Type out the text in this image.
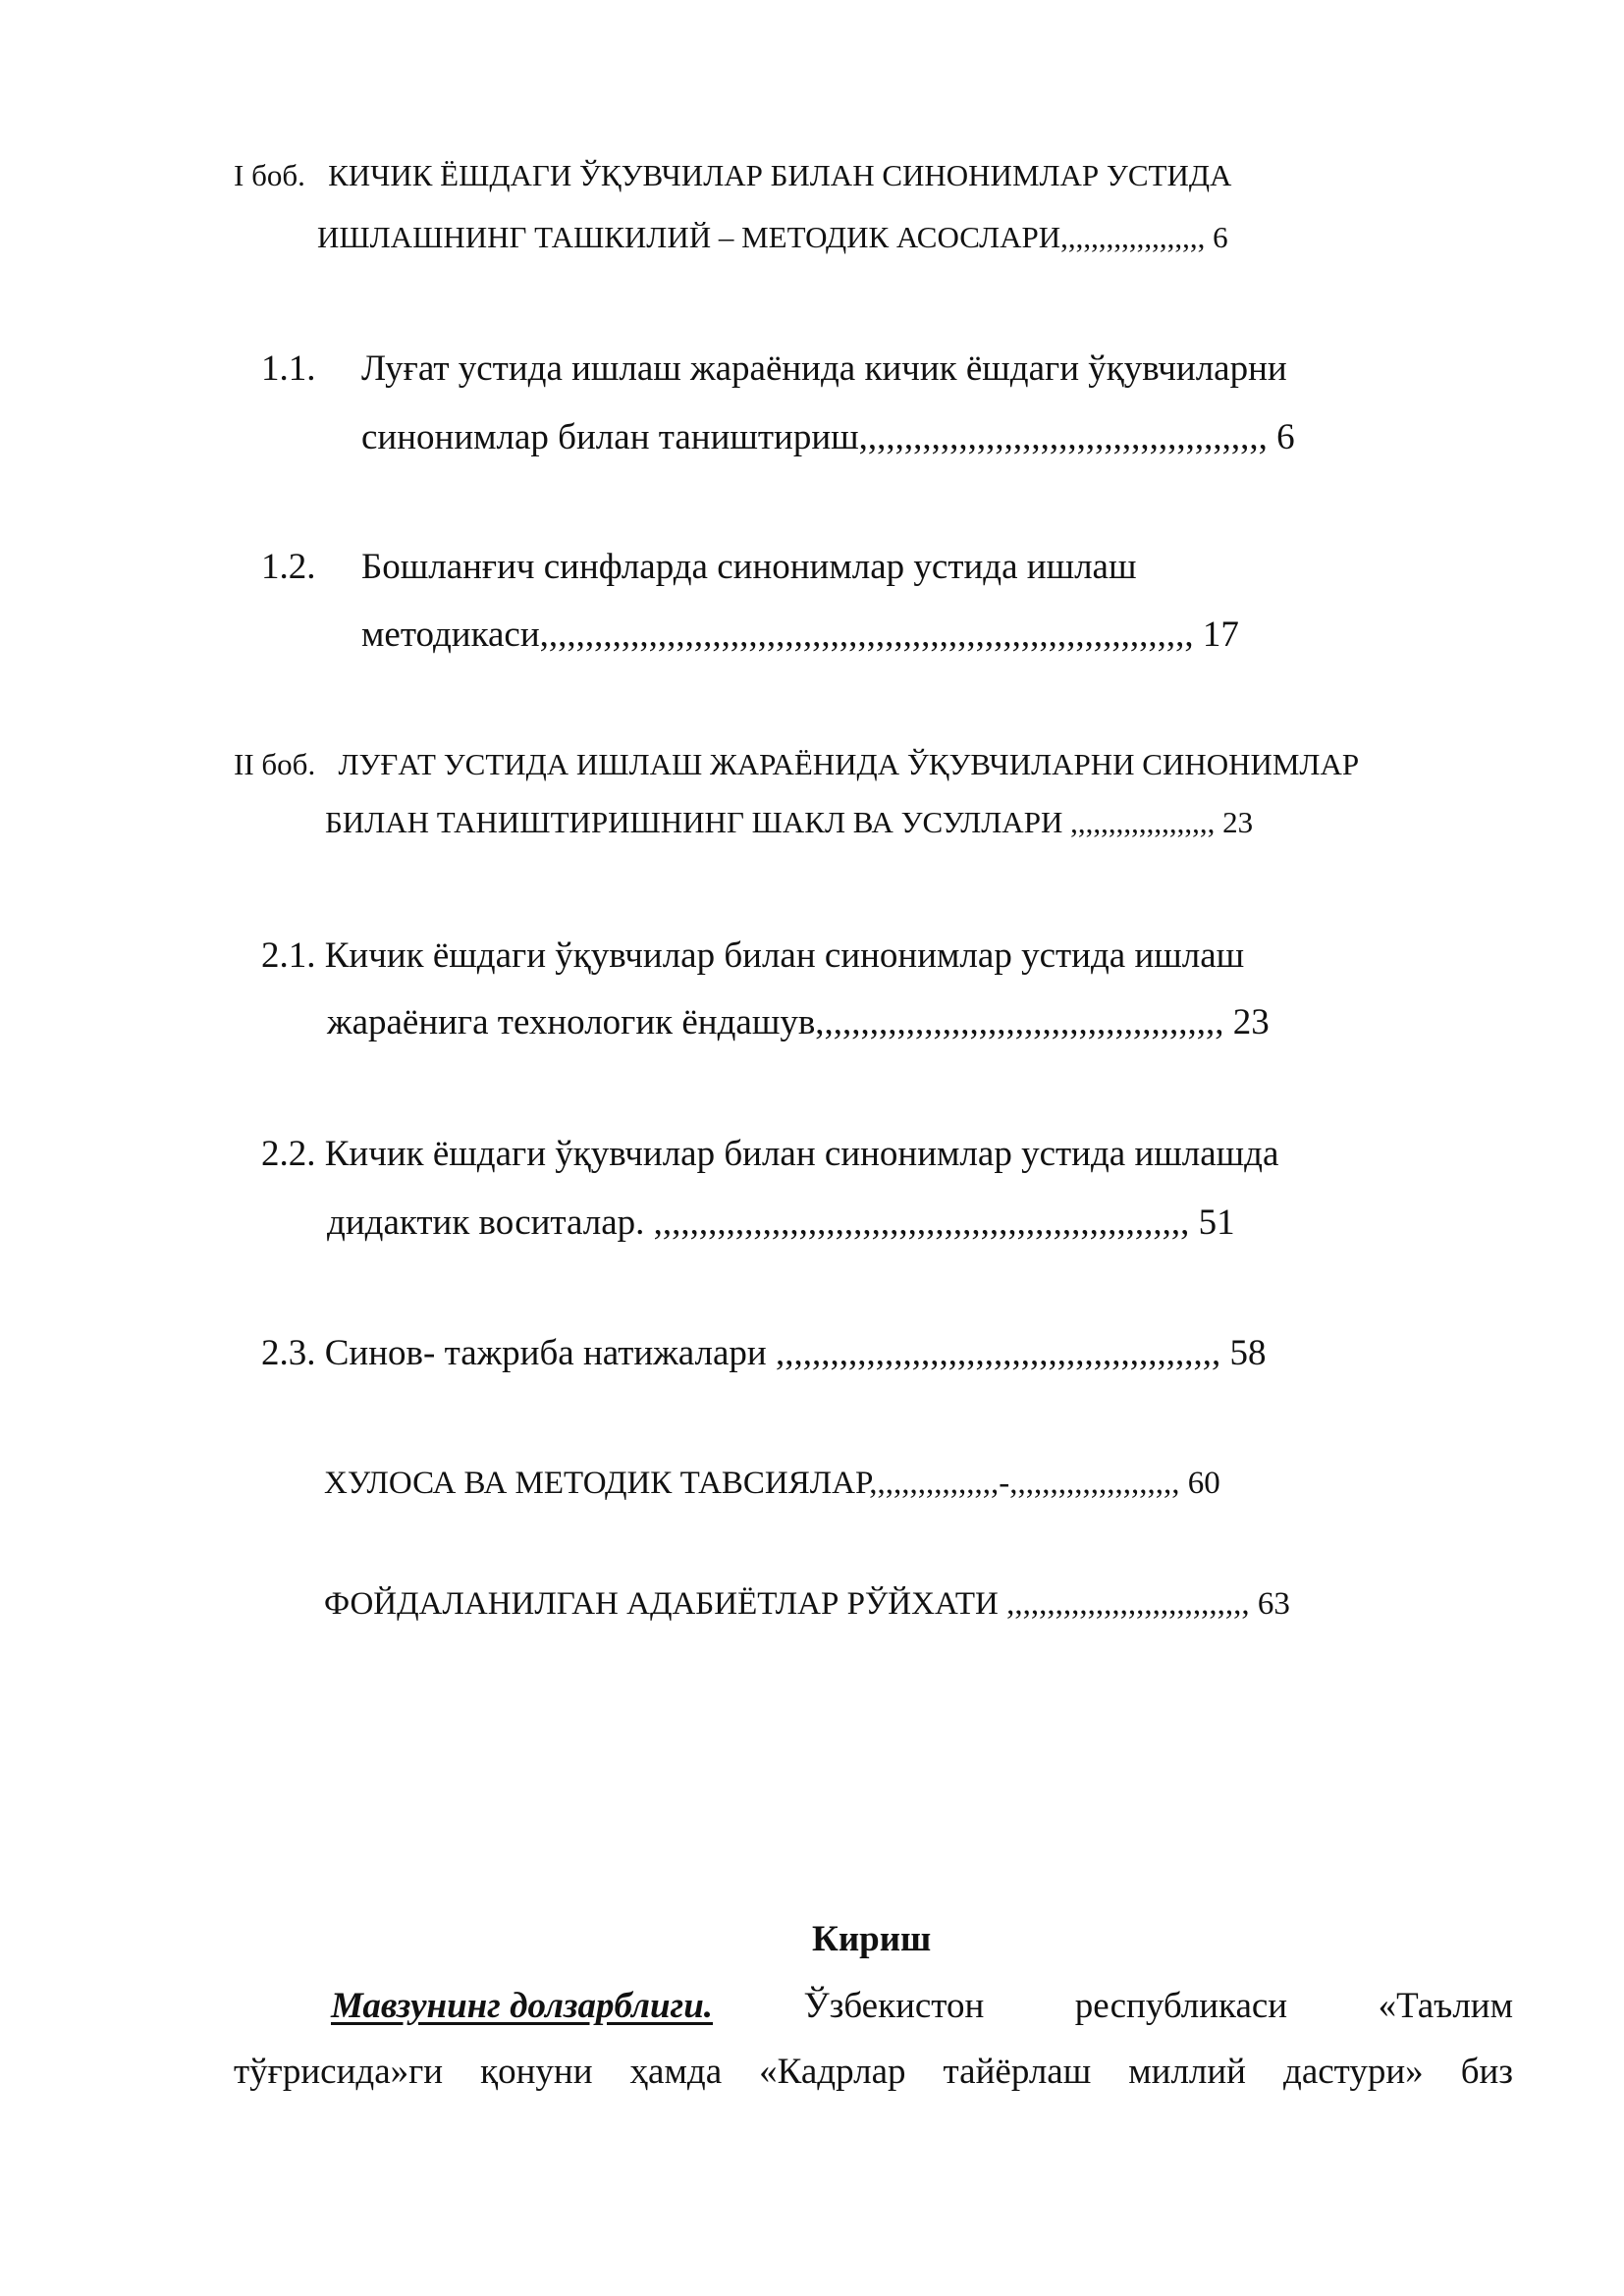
I боб. КИЧИК ЁШДАГИ ЎҚУВЧИЛАР БИЛАН СИНОНИМЛАР УСТИДА
ИШЛАШНИНГ ТАШКИЛИЙ – МЕТОДИК АСОСЛАРИ,,,,,,,,,,,,,,,,,,, 6
1.1. Луғат устида ишлаш жараёнида кичик ёшдаги ўқувчиларни
синонимлар билан таништириш,,,,,,,,,,,,,,,,,,,,,,,,,,,,,,,,,,,,,,,,,,,,, 6
1.2. Бошланғич синфларда синонимлар устида ишлаш
методикаси,,,,,,,,,,,,,,,,,,,,,,,,,,,,,,,,,,,,,,,,,,,,,,,,,,,,,,,,,,,,,,,,,,,,,,,, 17
II боб. ЛУҒАТ УСТИДА ИШЛАШ ЖАРАЁНИДА ЎҚУВЧИЛАРНИ СИНОНИМЛАР
БИЛАН ТАНИШТИРИШНИНГ ШАКЛ ВА УСУЛЛАРИ ,,,,,,,,,,,,,,,,,,, 23
2.1. Кичик ёшдаги ўқувчилар билан синонимлар устида ишлаш
жараёнига технологик ёндашув,,,,,,,,,,,,,,,,,,,,,,,,,,,,,,,,,,,,,,,,,,,,, 23
2.2. Кичик ёшдаги ўқувчилар билан синонимлар устида ишлашда
дидактик воситалар. ,,,,,,,,,,,,,,,,,,,,,,,,,,,,,,,,,,,,,,,,,,,,,,,,,,,,,,,,,,, 51
2.3. Синов- тажриба натижалари ,,,,,,,,,,,,,,,,,,,,,,,,,,,,,,,,,,,,,,,,,,,,,,,,, 58
ХУЛОСА ВА МЕТОДИК ТАВСИЯЛАР,,,,,,,,,,,,,,,,-,,,,,,,,,,,,,,,,,,,,, 60
ФОЙДАЛАНИЛГАН АДАБИЁТЛАР РЎЙХАТИ ,,,,,,,,,,,,,,,,,,,,,,,,,,,,,, 63
Кириш
Мавзунинг долзарблиги. Ўзбекистон республикаси «Таълим
тўғрисида»ги қонуни ҳамда «Кадрлар тайёрлаш миллий дастури» биз
